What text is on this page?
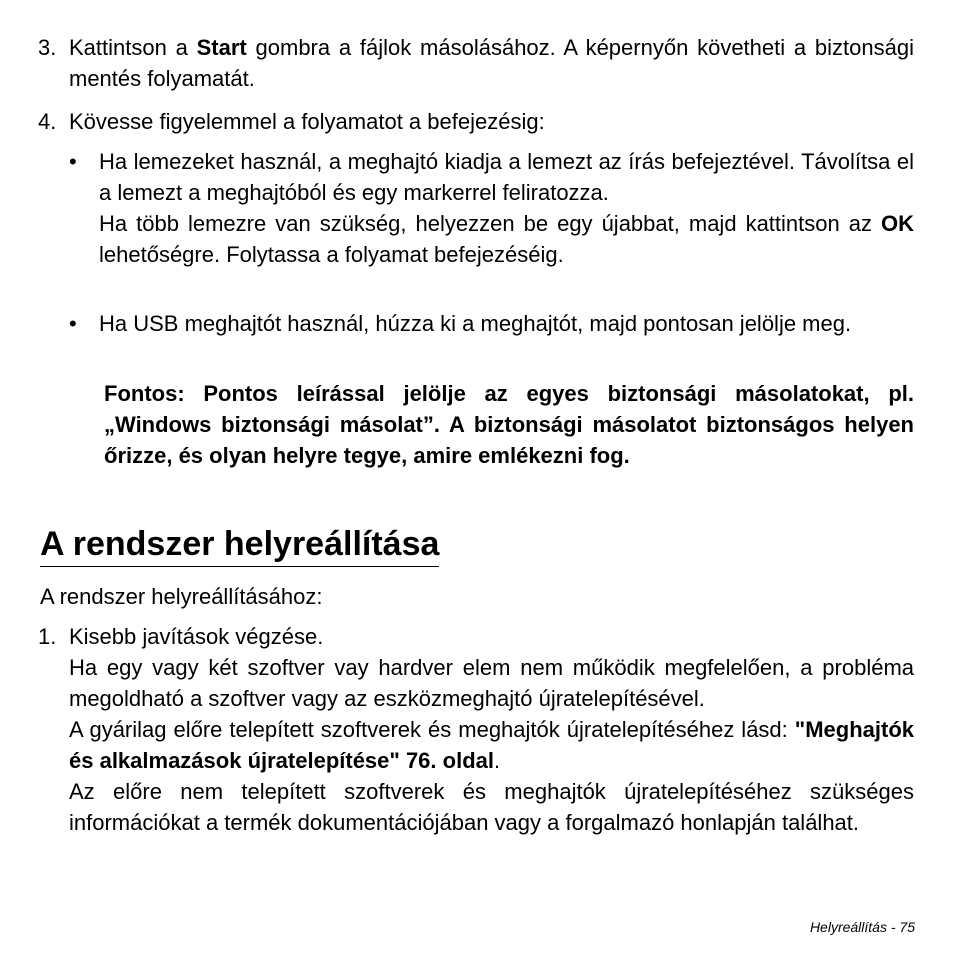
3. Kattintson a Start gombra a fájlok másolásához. A képernyőn követheti a biztonsági mentés folyamatát.

4. Kövesse figyelemmel a folyamatot a befejezésig:

• Ha lemezeket használ, a meghajtó kiadja a lemezt az írás befejeztével. Távolítsa el a lemezt a meghajtóból és egy markerrel feliratozza.

Ha több lemezre van szükség, helyezzen be egy újabbat, majd kattintson az OK lehetőségre. Folytassa a folyamat befejezéséig.

• Ha USB meghajtót használ, húzza ki a meghajtót, majd pontosan jelölje meg.

Fontos: Pontos leírással jelölje az egyes biztonsági másolatokat, pl. „Windows biztonsági másolat”. A biztonsági másolatot biztonságos helyen őrizze, és olyan helyre tegye, amire emlékezni fog.

A rendszer helyreállítása

A rendszer helyreállításához:

1. Kisebb javítások végzése.

Ha egy vagy két szoftver vay hardver elem nem működik megfelelően, a probléma megoldható a szoftver vagy az eszközmeghajtó újratelepítésével.

A gyárilag előre telepített szoftverek és meghajtók újratelepítéséhez lásd: "Meghajtók és alkalmazások újratelepítése" 76. oldal.

Az előre nem telepített szoftverek és meghajtók újratelepítéséhez szükséges információkat a termék dokumentációjában vagy a forgalmazó honlapján találhat.

Helyreállítás - 75
